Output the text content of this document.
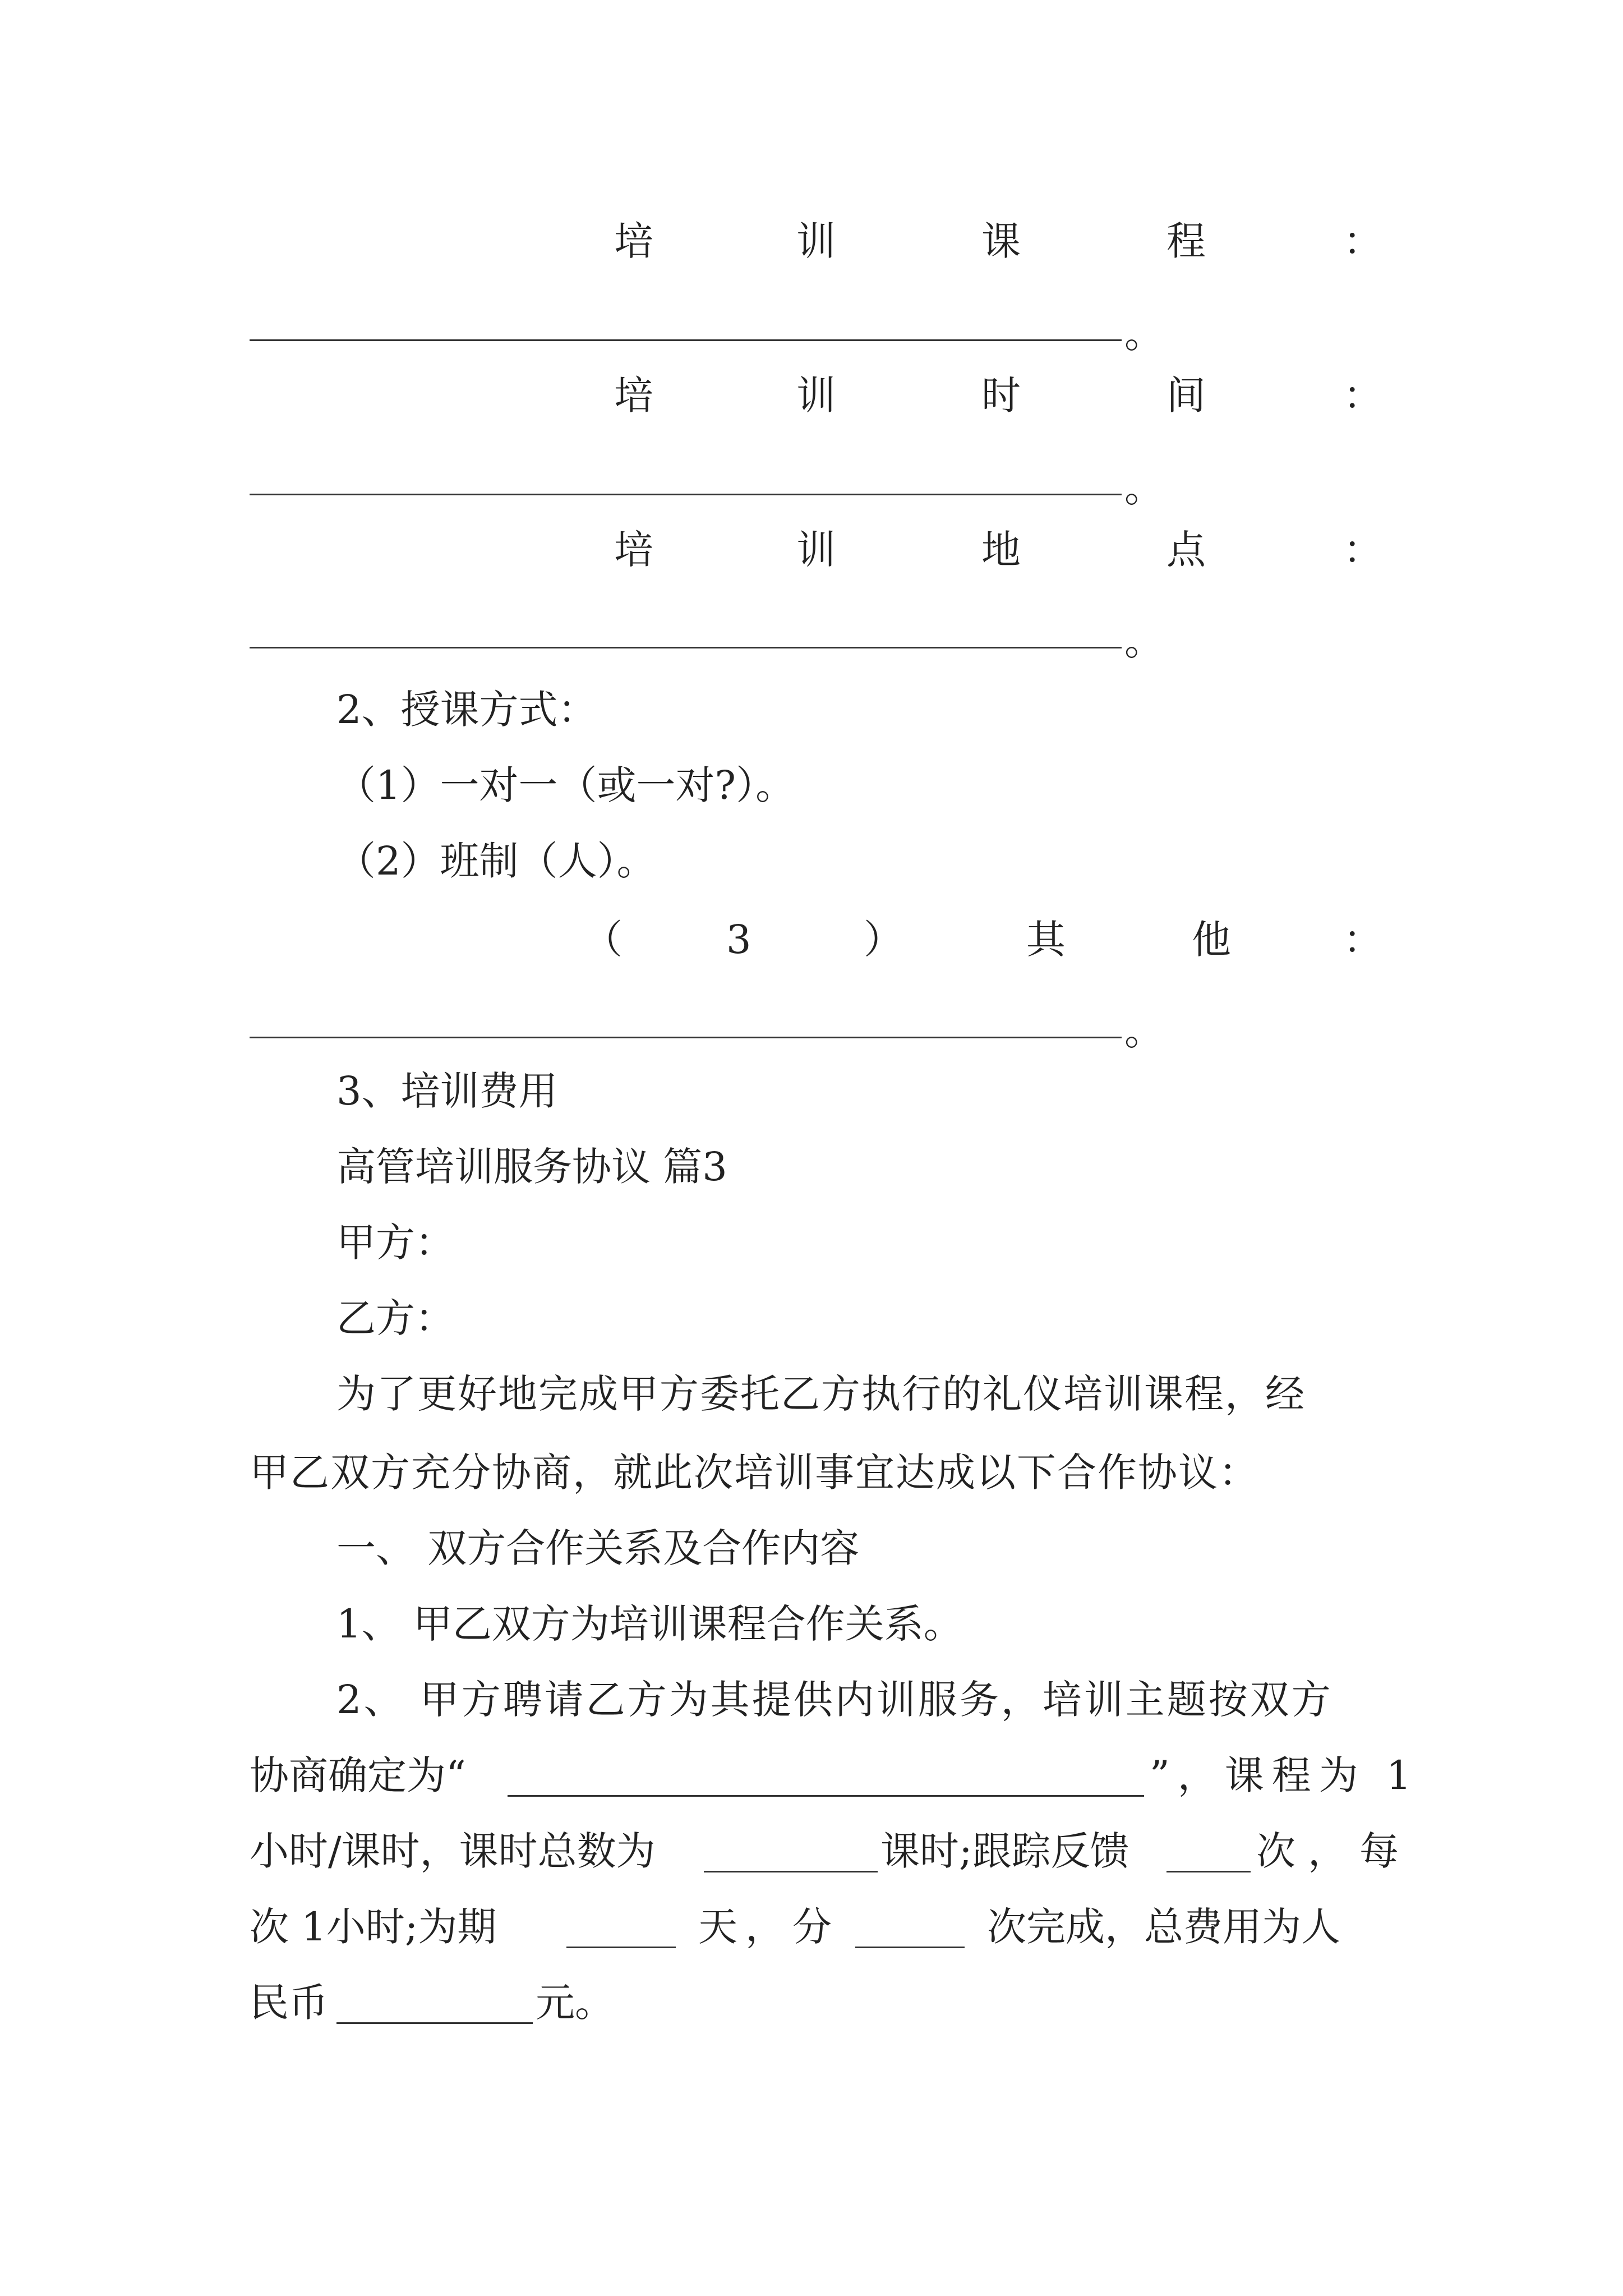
培	训	课	程	：
。
培	训	时	间	：
。
培	训	地	点	：
。
2、授课方式：
（1）一对一（或一对?）。
（2）班制（人）。
（	3	）	其	他	：
。
3、培训费用
高管培训服务协议 篇3
甲方：
乙方：
为了更好地完成甲方委托乙方执行的礼仪培训课程，经
甲乙双方充分协商，就此次培训事宜达成以下合作协议：
一、 双方合作关系及合作内容
1、 甲乙双方为培训课程合作关系。
2、 甲方聘请乙方为其提供内训服务，培训主题按双方
协商确定为“	”，课程为 1
小时/课时，课时总数为	课时;跟踪反馈	次，每
次 1小时;为期	天，分	次完成，总费用为人
民币	元。
